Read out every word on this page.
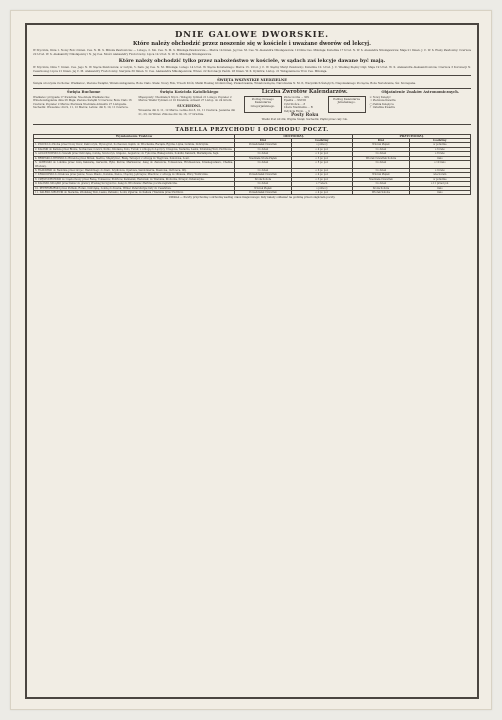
DNIE GALOWE DWORSKIE.
Które należy obchodzić przez noszenie się w kościele i uważane dworów od lekcyj.
W Styczniu, Dnia 1. Nowy Rok i Imien. Ces. N. M. S. Mikoła Pawłowicza; — Lutego, 2. Sm. Ces. N. M. S. Mikołaja Pawłowicza;— Marca 14 Imien. Jej Ces. M. Ces. W. Alexandra Nikołajewicza; 19 Dnia Ces. Mikołaja; Kwietnia 17 Urod. N. W. S. Alexandra Nikołajewicza; Maja 21 Imien. J. C. W. S. Eleny Pawłowny; Czerwca 22 Urod. W. S. Aleksandry Nikołajewny i N. Jej Ces. Mości Aleksandry Fiodorowny; Lipca 14 Urod. N. W. S. Mikołaja Nikołajewicza.
Które należy obchodzić tylko przez nabożeństwo w kościele, w sądach zaś lekcyje dawane być mają.
W Styczniu, Dnia 7. Imien. Ces. Jego N. W. Xięcia Pawłowicza; w Lutym, 5. Sam. Jej Ces. N. M. Mikołaja; Lutego 14 Urod. W. Xięcia Konstantego; Marca 15. Urod. J. C. W. Xiężny Maryi Pawłowny; Kwietnia 10. Urod. J. C. Wielkiej Xiężny Olgi; Maja 19 Urod. W. X. Aleksandra Aleksandrowicza; Czerwca 3 Koronacji N. Cesarzowej; Lipca 21 Imien. Jej C. M. Aleksandry Fiodorowny; Sierpnia 30 Imien. N. Ces. Aleksandra Mikołajewicza; Wrześ. 22 Koronacji; Paźdz. 26 Imien. W. X. Dymitra; Listop. 21 Wstąpienia na Tron Ces. Mikołaja.
ŚWIĘTA WSZYSTKIE NIEDZIELNE
Święta uroczyste ruchome: Wielkanoc, Zielone Świątki, Wniebowstąpienie, Boże Ciało. Stałe: Nowy Rok, Trzech Króli, Matki Boskiej Gromnicznej, Zwiastowania, Wniebowzięcia, Narodzenia N. M. P., Wszystkich Świętych, Niepokalanego Poczęcia, Boże Narodzenie, Św. Szczepana.
Święta Ruchome
Wielkanoc przypada 17 Kwietnia; Nie-dziela Wielkanocna; Wniebowstąpienie dnia 26 Maja; Zielone Świątki 5 Czerwca; Boże Ciało 16 Czerwca; Popielec 2 Marca; Pierwsza Niedziela Adwentu 27 Listopada. Suchedni: Wiosenne: dni 9, 11, 12 Marca; Letnie: dni 8, 10, 11 Czerwca.
Święta Kościoła Katolickiego
Mięsopusty: Niedziela 9 Stycz.; Wstępny tydzień 21 Lutego; Popielec 2 Marca; Wielki Tydzień od 10 Kwietnia; Adwent 27 Listop. do 24 Grudn.
SUCHEDNI.
Wiosenne dni 9, 11, 12 Marca. Letnie dni 8, 10, 11 Czerwca. Jesienne dni 21, 23, 24 Wrześ. Zimowe dni 14, 16, 17 Grudnia.
Liczba Zwrotów Kalendarzów.
Podług Nowego Kalendarza Gregorjańskiego.
Złota Liczba ... XIX
Epakta ... XXVIII
Cykl Słońca ... 8
Litera Niedzielna ... B
Indykcja Rzym. ... 9
Podług Kalendarza Juliańskiego.
Posty Roku
Wielki Post 40 dni; Wigilie Świąt; Suchedni; Piątki przez cały rok.
Objaśnienie Znaków Astronomicznych.
☉ Nowy Księżyc
☽ Pierwsza Kwadra
◯ Pełnia Księżyca
☾ Ostatnia Kwadra
TABELLA PRZYCHODU I ODCHODU POCZT.
Wymienienie Traktów	ODCHODZĄ		PRZYCHODZĄ	
	Dni	Godziny	Dni	Godziny
1. PŁOCKI do Płocka przez Nowy Dwór, Zakroczym, Wyszogród, Sochaczew, Gąbin; do Włocławka, Raciąża, Rypina, Lipna, Golubia, Dobrzynia.	Poniedziałek Czwartek	o północy	Wtorek Piątek	w południe
2. KALISKI do Kalisza przez Błonie, Sochaczew, Łowicz, Kutno, Kłodawę, Koło, Turek; z odnogą do Łęczycy, Uniejowa, Sieradza, Łasku, Zduńskiej Woli, Piotrkowa.	Co dzień	o 4 po poł.	Co dzień	o 6 rano
3. AUGUSTOWSKI do Suwałk przez Ostrołękę, Łomżę, Szczuczyn, Grajewo, Augustów; do Tykocina, Białegostoku, Sokółki, Kalwarii, Mariampola, Sejn.	Co dzień	o 2 po poł.	Co dzień	o 8 rano
4. BRZESKO-LITEWSKI do Brześcia przez Mińsk, Siedlce, Międzyrzec, Białą, Terespol; z odnogą do Węgrowa, Sokołowa, Łosic.	Niedziela Środa Piątek	o 3 po poł.	Wtorek Czwartek Sobota	rano
5. LUBELSKI do Lublina przez Górę Kalwarię, Garwolin, Ryki, Kurów, Markuszów; dalej do Zamościa, Tomaszowa, Hrubieszowa, Krasnegostawu, Chełma, Włodawy.	Co dzień	o 5 po poł.	Co dzień	o 10 rano
6. RADOMSKI do Radomia przez Grójec, Białobrzegi; do Kielc, Szydłowca, Opatowa, Sandomierza, Staszowa, Ostrowca, Iłży.	Co dzień	o 6 po poł.	Co dzień	o 9 rano
7. KRAKOWSKI do Krakowa przez Janów, Nowe Miasto, Końskie, Kielce, Chęciny, Jędrzejów, Miechów; z odnogą do Olkusza, Pilicy, Wolbromia.	Poniedziałek Czwartek	o 4 po poł.	Wtorek Piątek	wieczorem
8. CZĘSTOCHOWSKI do Częstochowy przez Rawę, Tomaszów, Piotrków, Kamieńsk, Radomsk; do Wielunia, Kłobucka, Krzepic, Działoszyna.	Środa Sobota	o 3 po poł.	Niedziela Czwartek	w południe
9. KALISZO-SZLĄSKI przez Kalisz do granicy Pruskiej Szczypiorno; dalej do Wrocławia i Berlina; poczta zagraniczna.	Co dzień	o 7 wiecz.	Co dzień	o 11 przed poł.
10. PETERSBURSKI przez Pułtusk, Różan, Ostrołękę, Łomżę do Kowna, Wilna i Petersburga; listy do Cesarstwa.	Wtorek Piątek	o północy	Środa Sobota	rano
11. DALEKO-SIELECKI do Sieradza, Zduńskiej Woli, Łasku, Pabianic, Łodzi, Zgierza; do Kalisza i Wielunia przez Piotrków.	Poniedziałek Czwartek	o 4 po poł.	Wtorek Sobota	rano
UWAGA — Poczty przychodzą i odchodzą według czasu miejscowego; listy należy oddawać na godzinę przed odejściem poczty.
